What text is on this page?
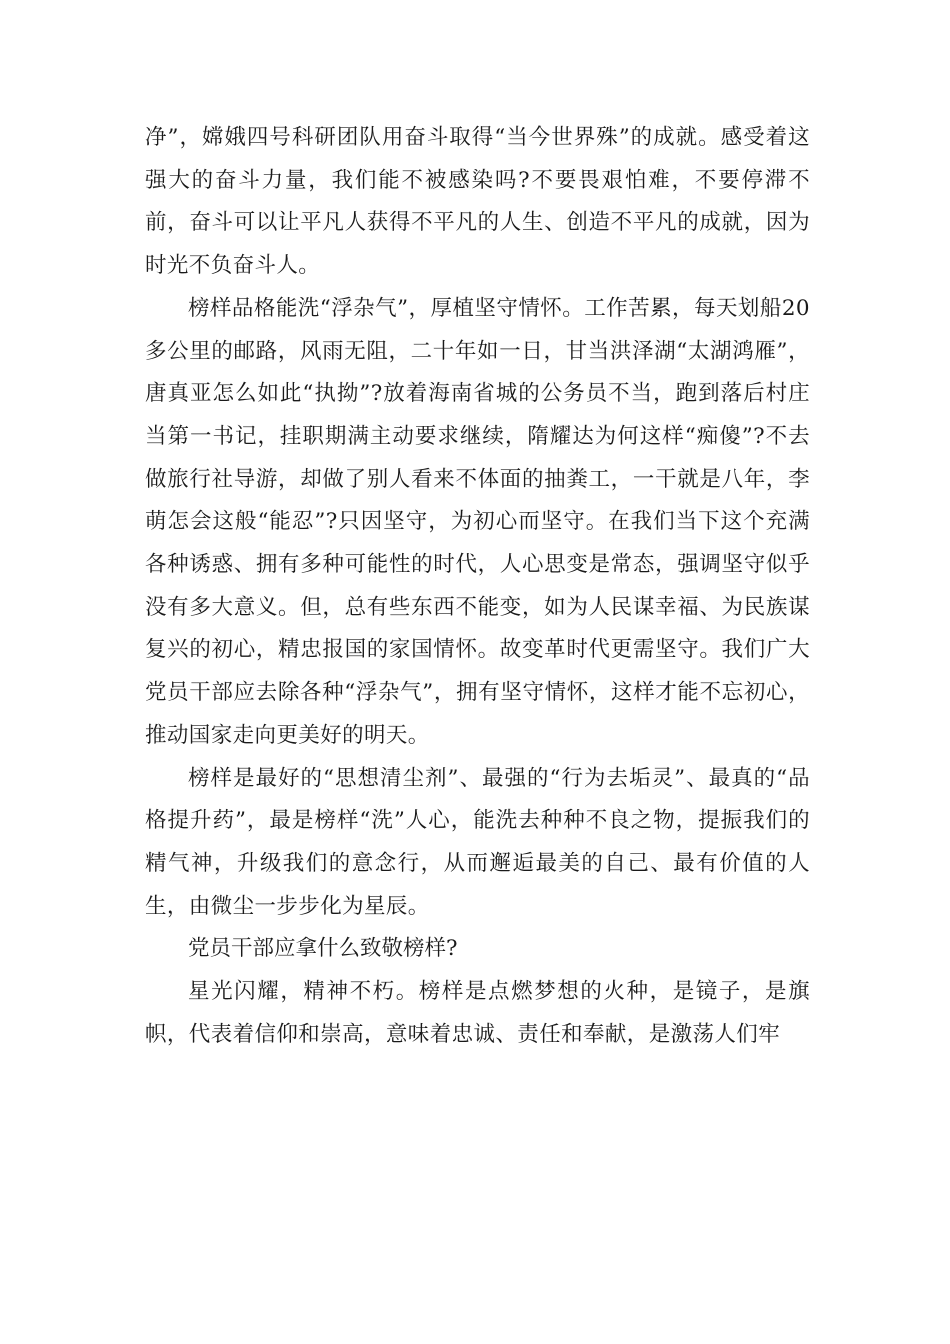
净”，嫦娥四号科研团队用奋斗取得“当今世界殊”的成就。感受着这强大的奋斗力量，我们能不被感染吗?不要畏艰怕难，不要停滞不前，奋斗可以让平凡人获得不平凡的人生、创造不平凡的成就，因为时光不负奋斗人。

榜样品格能洗“浮杂气”，厚植坚守情怀。工作苦累，每天划船20多公里的邮路，风雨无阻，二十年如一日，甘当洪泽湖“太湖鸿雁”，唐真亚怎么如此“执拗”?放着海南省城的公务员不当，跑到落后村庄当第一书记，挂职期满主动要求继续，隋耀达为何这样“痴傻”?不去做旅行社导游，却做了别人看来不体面的抽粪工，一干就是八年，李萌怎会这般“能忍”?只因坚守，为初心而坚守。在我们当下这个充满各种诱惑、拥有多种可能性的时代，人心思变是常态，强调坚守似乎没有多大意义。但，总有些东西不能变，如为人民谋幸福、为民族谋复兴的初心，精忠报国的家国情怀。故变革时代更需坚守。我们广大党员干部应去除各种“浮杂气”，拥有坚守情怀，这样才能不忘初心，推动国家走向更美好的明天。

榜样是最好的“思想清尘剂”、最强的“行为去垢灵”、最真的“品格提升药”，最是榜样“洗”人心，能洗去种种不良之物，提振我们的精气神，升级我们的意念行，从而邂逅最美的自己、最有价值的人生，由微尘一步步化为星辰。

党员干部应拿什么致敬榜样?

星光闪耀，精神不朽。榜样是点燃梦想的火种，是镜子，是旗帜，代表着信仰和崇高，意味着忠诚、责任和奉献，是激荡人们牢
